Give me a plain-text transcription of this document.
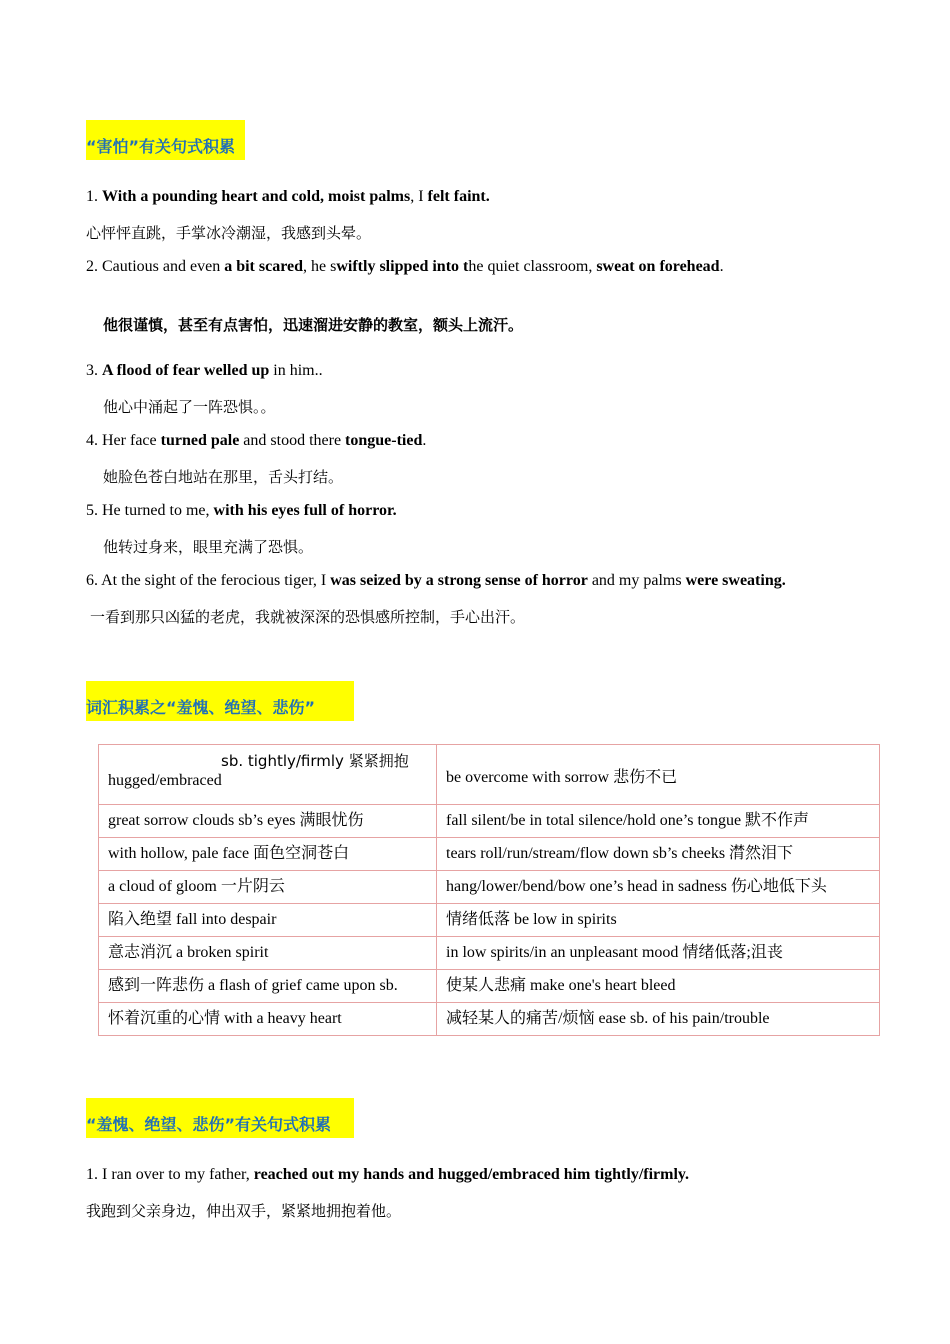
“害怕”有关句式积累
1. With a pounding heart and cold, moist palms, I felt faint.
心怦怦直跳，手掌冰冷潮湿，我感到头晕。
2. Cautious and even a bit scared, he swiftly slipped into the quiet classroom, sweat on forehead.
他很谨慎，甚至有点害怕，迅速溜进安静的教室，额头上流汗。
3. A flood of fear welled up in him..
他心中涌起了一阵恐惧。。
4. Her face turned pale and stood there tongue-tied.
她脸色苍白地站在那里，舌头打结。
5. He turned to me, with his eyes full of horror.
他转过身来，眼里充满了恐惧。
6. At the sight of the ferocious tiger, I was seized by a strong sense of horror and my palms were sweating.
一看到那只凶猛的老虎，我就被深深的恐惧感所控制，手心出汗。
词汇积累之“羞愧、绝望、悲伤”
sb. tightly/firmly 紧紧拥抱
hugged/embraced	be overcome with sorrow 悲伤不已
great sorrow clouds sb’s eyes 满眼忧伤	fall silent/be in total silence/hold one’s tongue 默不作声
with hollow, pale face 面色空洞苍白	tears roll/run/stream/flow down sb’s cheeks 潸然泪下
a cloud of gloom 一片阴云	hang/lower/bend/bow one’s head in sadness 伤心地低下头
陷入绝望 fall into despair	情绪低落 be low in spirits
意志消沉 a broken spirit	in low spirits/in an unpleasant mood 情绪低落;沮丧
感到一阵悲伤 a flash of grief came upon sb.	使某人悲痛 make one's heart bleed
怀着沉重的心情 with a heavy heart	减轻某人的痛苦/烦恼 ease sb. of his pain/trouble
“羞愧、绝望、悲伤”有关句式积累
1. I ran over to my father, reached out my hands and hugged/embraced him tightly/firmly.
我跑到父亲身边，伸出双手，紧紧地拥抱着他。
